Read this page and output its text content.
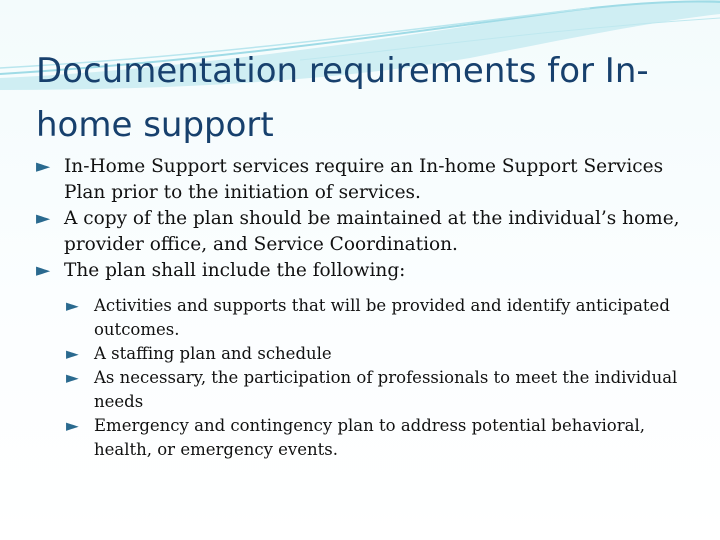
Documentation requirements for In-home support
► In-Home Support services require an In-home Support Services Plan prior to the initiation of services.
► A copy of the plan should be maintained at the individual’s home, provider office, and Service Coordination.
► The plan shall include the following:
► Activities and supports that will be provided and identify anticipated outcomes.
► A staffing plan and schedule
► As necessary, the participation of professionals to meet the individual needs
► Emergency and contingency plan to address potential behavioral, health, or emergency events.
